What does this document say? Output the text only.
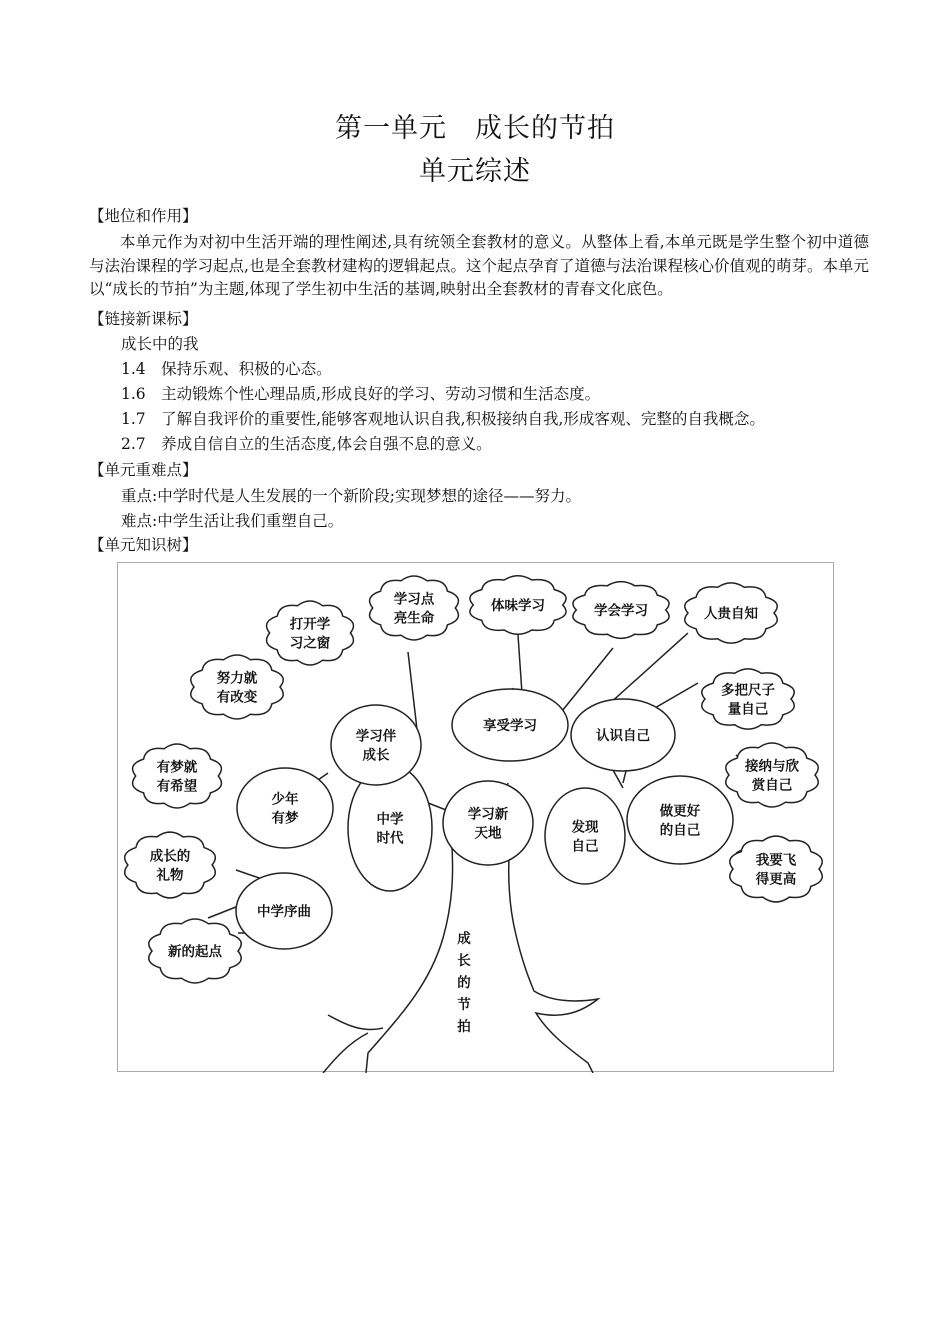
第一单元　成长的节拍
单元综述
【地位和作用】
本单元作为对初中生活开端的理性阐述,具有统领全套教材的意义。从整体上看,本单元既是学生整个初中道德与法治课程的学习起点,也是全套教材建构的逻辑起点。这个起点孕育了道德与法治课程核心价值观的萌芽。本单元以“成长的节拍”为主题,体现了学生初中生活的基调,映射出全套教材的青春文化底色。
【链接新课标】
成长中的我
1.4　保持乐观、积极的心态。
1.6　主动锻炼个性心理品质,形成良好的学习、劳动习惯和生活态度。
1.7　了解自我评价的重要性,能够客观地认识自我,积极接纳自我,形成客观、完整的自我概念。
2.7　养成自信自立的生活态度,体会自强不息的意义。
【单元重难点】
重点:中学时代是人生发展的一个新阶段;实现梦想的途径——努力。
难点:中学生活让我们重塑自己。
【单元知识树】
中学
时代
学习新
天地	发现
自己
学习伴
成长
享受学习
认识自己
少年
有梦
中学序曲
做更好
的自己
打开学
习之窗
学习点
亮生命
体味学习	学会学习	人贵自知
努力就
有改变	多把尺子
量自己
有梦就
有希望
接纳与欣
赏自己
成长的
礼物
我要飞
得更高
新的起点
成
长
的
节
拍
